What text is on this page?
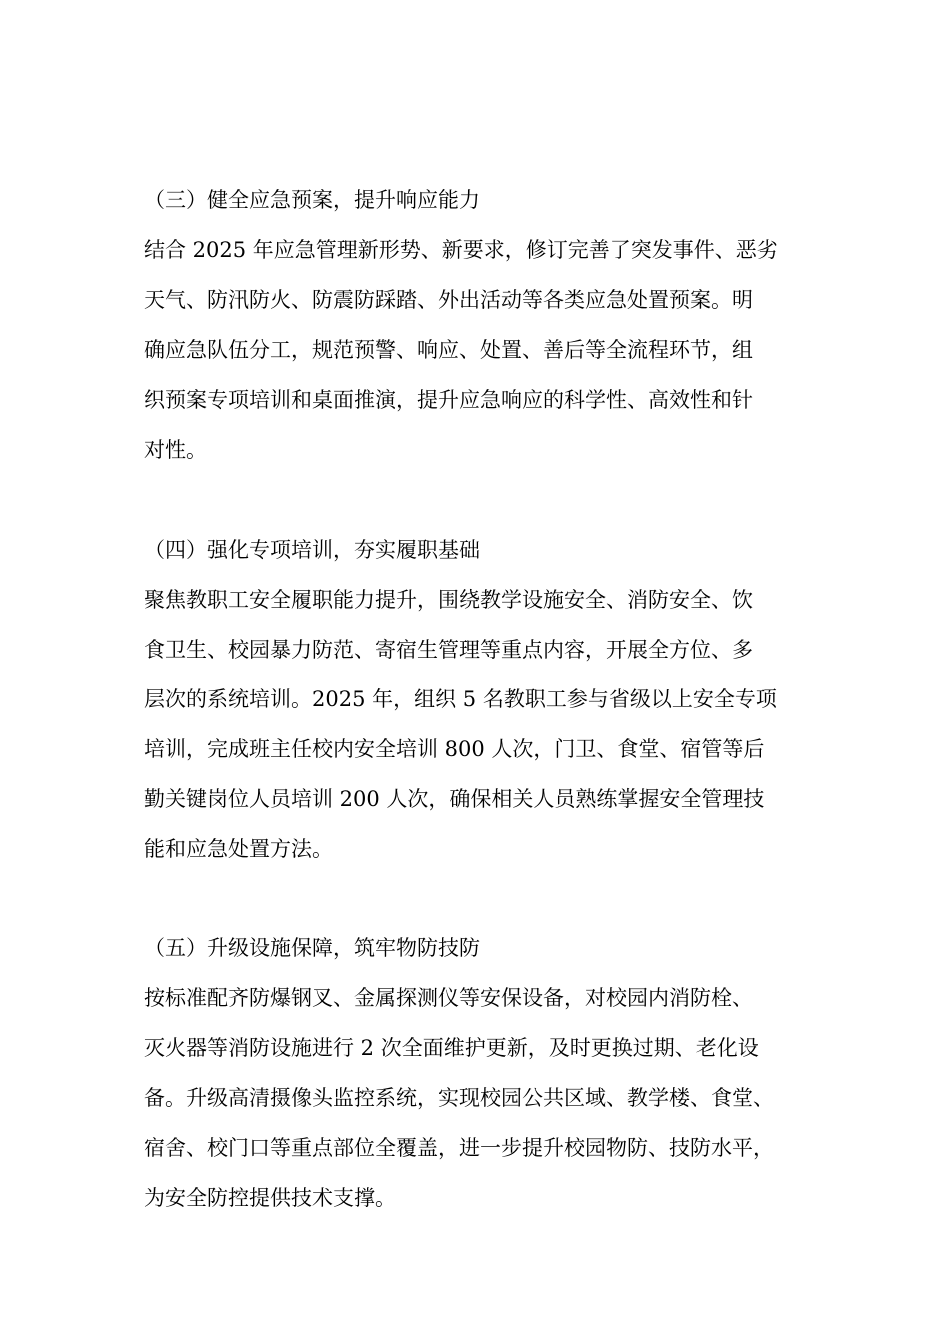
（三）健全应急预案，提升响应能力
结合 2025 年应急管理新形势、新要求，修订完善了突发事件、恶劣
天气、防汛防火、防震防踩踏、外出活动等各类应急处置预案。明
确应急队伍分工，规范预警、响应、处置、善后等全流程环节，组
织预案专项培训和桌面推演，提升应急响应的科学性、高效性和针
对性。
（四）强化专项培训，夯实履职基础
聚焦教职工安全履职能力提升，围绕教学设施安全、消防安全、饮
食卫生、校园暴力防范、寄宿生管理等重点内容，开展全方位、多
层次的系统培训。2025 年，组织 5 名教职工参与省级以上安全专项
培训，完成班主任校内安全培训 800 人次，门卫、食堂、宿管等后
勤关键岗位人员培训 200 人次，确保相关人员熟练掌握安全管理技
能和应急处置方法。
（五）升级设施保障，筑牢物防技防
按标准配齐防爆钢叉、金属探测仪等安保设备，对校园内消防栓、
灭火器等消防设施进行 2 次全面维护更新，及时更换过期、老化设
备。升级高清摄像头监控系统，实现校园公共区域、教学楼、食堂、
宿舍、校门口等重点部位全覆盖，进一步提升校园物防、技防水平，
为安全防控提供技术支撑。
